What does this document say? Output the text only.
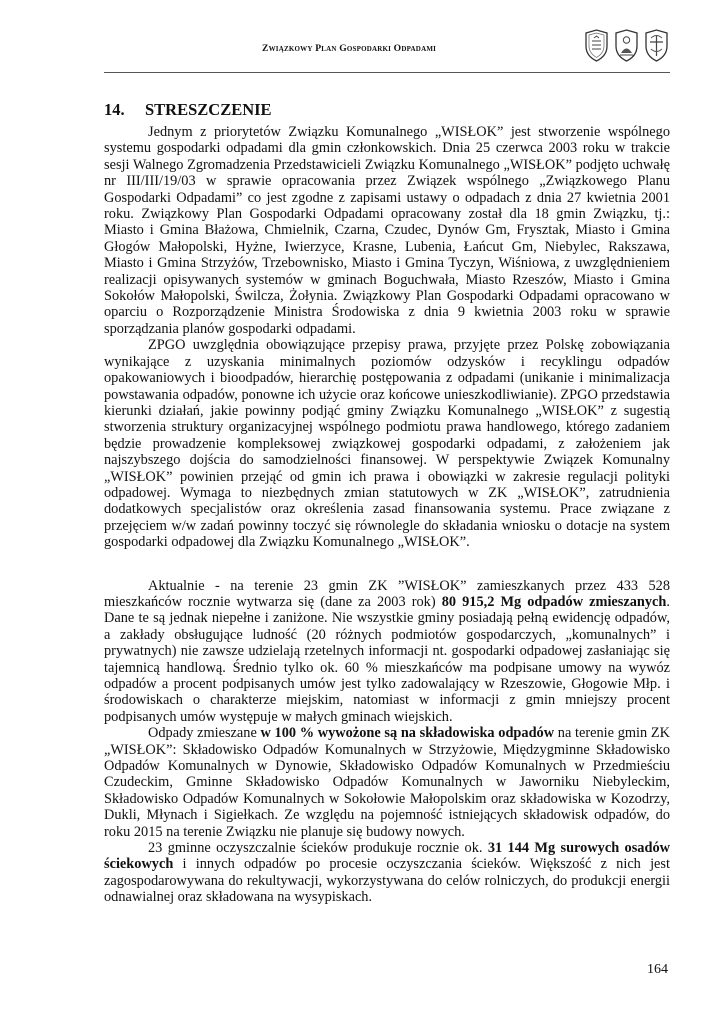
Związkowy Plan Gospodarki Odpadami
14. STRESZCZENIE

Jednym z priorytetów Związku Komunalnego „WISŁOK” jest stworzenie wspólnego systemu gospodarki odpadami dla gmin członkowskich. Dnia 25 czerwca 2003 roku w trakcie sesji Walnego Zgromadzenia Przedstawicieli Związku Komunalnego „WISŁOK” podjęto uchwałę nr III/III/19/03 w sprawie opracowania przez Związek wspólnego „Związkowego Planu Gospodarki Odpadami” co jest zgodne z zapisami ustawy o odpadach z dnia 27 kwietnia 2001 roku. Związkowy Plan Gospodarki Odpadami opracowany został dla 18 gmin Związku, tj.: Miasto i Gmina Błażowa, Chmielnik, Czarna, Czudec, Dynów Gm, Frysztak, Miasto i Gmina Głogów Małopolski, Hyżne, Iwierzyce, Krasne, Lubenia, Łańcut Gm, Niebylec, Rakszawa, Miasto i Gmina Strzyżów, Trzebownisko, Miasto i Gmina Tyczyn, Wiśniowa, z uwzględnieniem realizacji opisywanych systemów w gminach Boguchwała, Miasto Rzeszów, Miasto i Gmina Sokołów Małopolski, Świlcza, Żołynia. Związkowy Plan Gospodarki Odpadami opracowano w oparciu o Rozporządzenie Ministra Środowiska z dnia 9 kwietnia 2003 roku w sprawie sporządzania planów gospodarki odpadami.

ZPGO uwzględnia obowiązujące przepisy prawa, przyjęte przez Polskę zobowiązania wynikające z uzyskania minimalnych poziomów odzysków i recyklingu odpadów opakowaniowych i bioodpadów, hierarchię postępowania z odpadami (unikanie i minimalizacja powstawania odpadów, ponowne ich użycie oraz końcowe unieszkodliwianie). ZPGO przedstawia kierunki działań, jakie powinny podjąć gminy Związku Komunalnego „WISŁOK” z sugestią stworzenia struktury organizacyjnej wspólnego podmiotu prawa handlowego, którego zadaniem będzie prowadzenie kompleksowej związkowej gospodarki odpadami, z założeniem jak najszybszego dojścia do samodzielności finansowej. W perspektywie Związek Komunalny „WISŁOK” powinien przejąć od gmin ich prawa i obowiązki w zakresie regulacji polityki odpadowej. Wymaga to niezbędnych zmian statutowych w ZK „WISŁOK”, zatrudnienia dodatkowych specjalistów oraz określenia zasad finansowania systemu. Prace związane z przejęciem w/w zadań powinny toczyć się równolegle do składania wniosku o dotacje na system gospodarki odpadowej dla Związku Komunalnego „WISŁOK”.

Aktualnie - na terenie 23 gmin ZK ”WISŁOK” zamieszkanych przez 433 528 mieszkańców rocznie wytwarza się (dane za 2003 rok) 80 915,2 Mg odpadów zmieszanych. Dane te są jednak niepełne i zaniżone. Nie wszystkie gminy posiadają pełną ewidencję odpadów, a zakłady obsługujące ludność (20 różnych podmiotów gospodarczych, „komunalnych” i prywatnych) nie zawsze udzielają rzetelnych informacji nt. gospodarki odpadowej zasłaniając się tajemnicą handlową. Średnio tylko ok. 60 % mieszkańców ma podpisane umowy na wywóz odpadów a procent podpisanych umów jest tylko zadowalający w Rzeszowie, Głogowie Młp. i środowiskach o charakterze miejskim, natomiast w informacji z gmin mniejszy procent podpisanych umów występuje w małych gminach wiejskich.

Odpady zmieszane w 100 % wywożone są na składowiska odpadów na terenie gmin ZK „WISŁOK”: Składowisko Odpadów Komunalnych w Strzyżowie, Międzygminne Składowisko Odpadów Komunalnych w Dynowie, Składowisko Odpadów Komunalnych w Przedmieściu Czudeckim, Gminne Składowisko Odpadów Komunalnych w Jaworniku Niebyleckim, Składowisko Odpadów Komunalnych w Sokołowie Małopolskim oraz składowiska w Kozodrzy, Dukli, Młynach i Sigiełkach. Ze względu na pojemność istniejących składowisk odpadów, do roku 2015 na terenie Związku nie planuje się budowy nowych.

23 gminne oczyszczalnie ścieków produkuje rocznie ok. 31 144 Mg surowych osadów ściekowych i innych odpadów po procesie oczyszczania ścieków. Większość z nich jest zagospodarowywana do rekultywacji, wykorzystywana do celów rolniczych, do produkcji energii odnawialnej oraz składowana na wysypiskach.

164
